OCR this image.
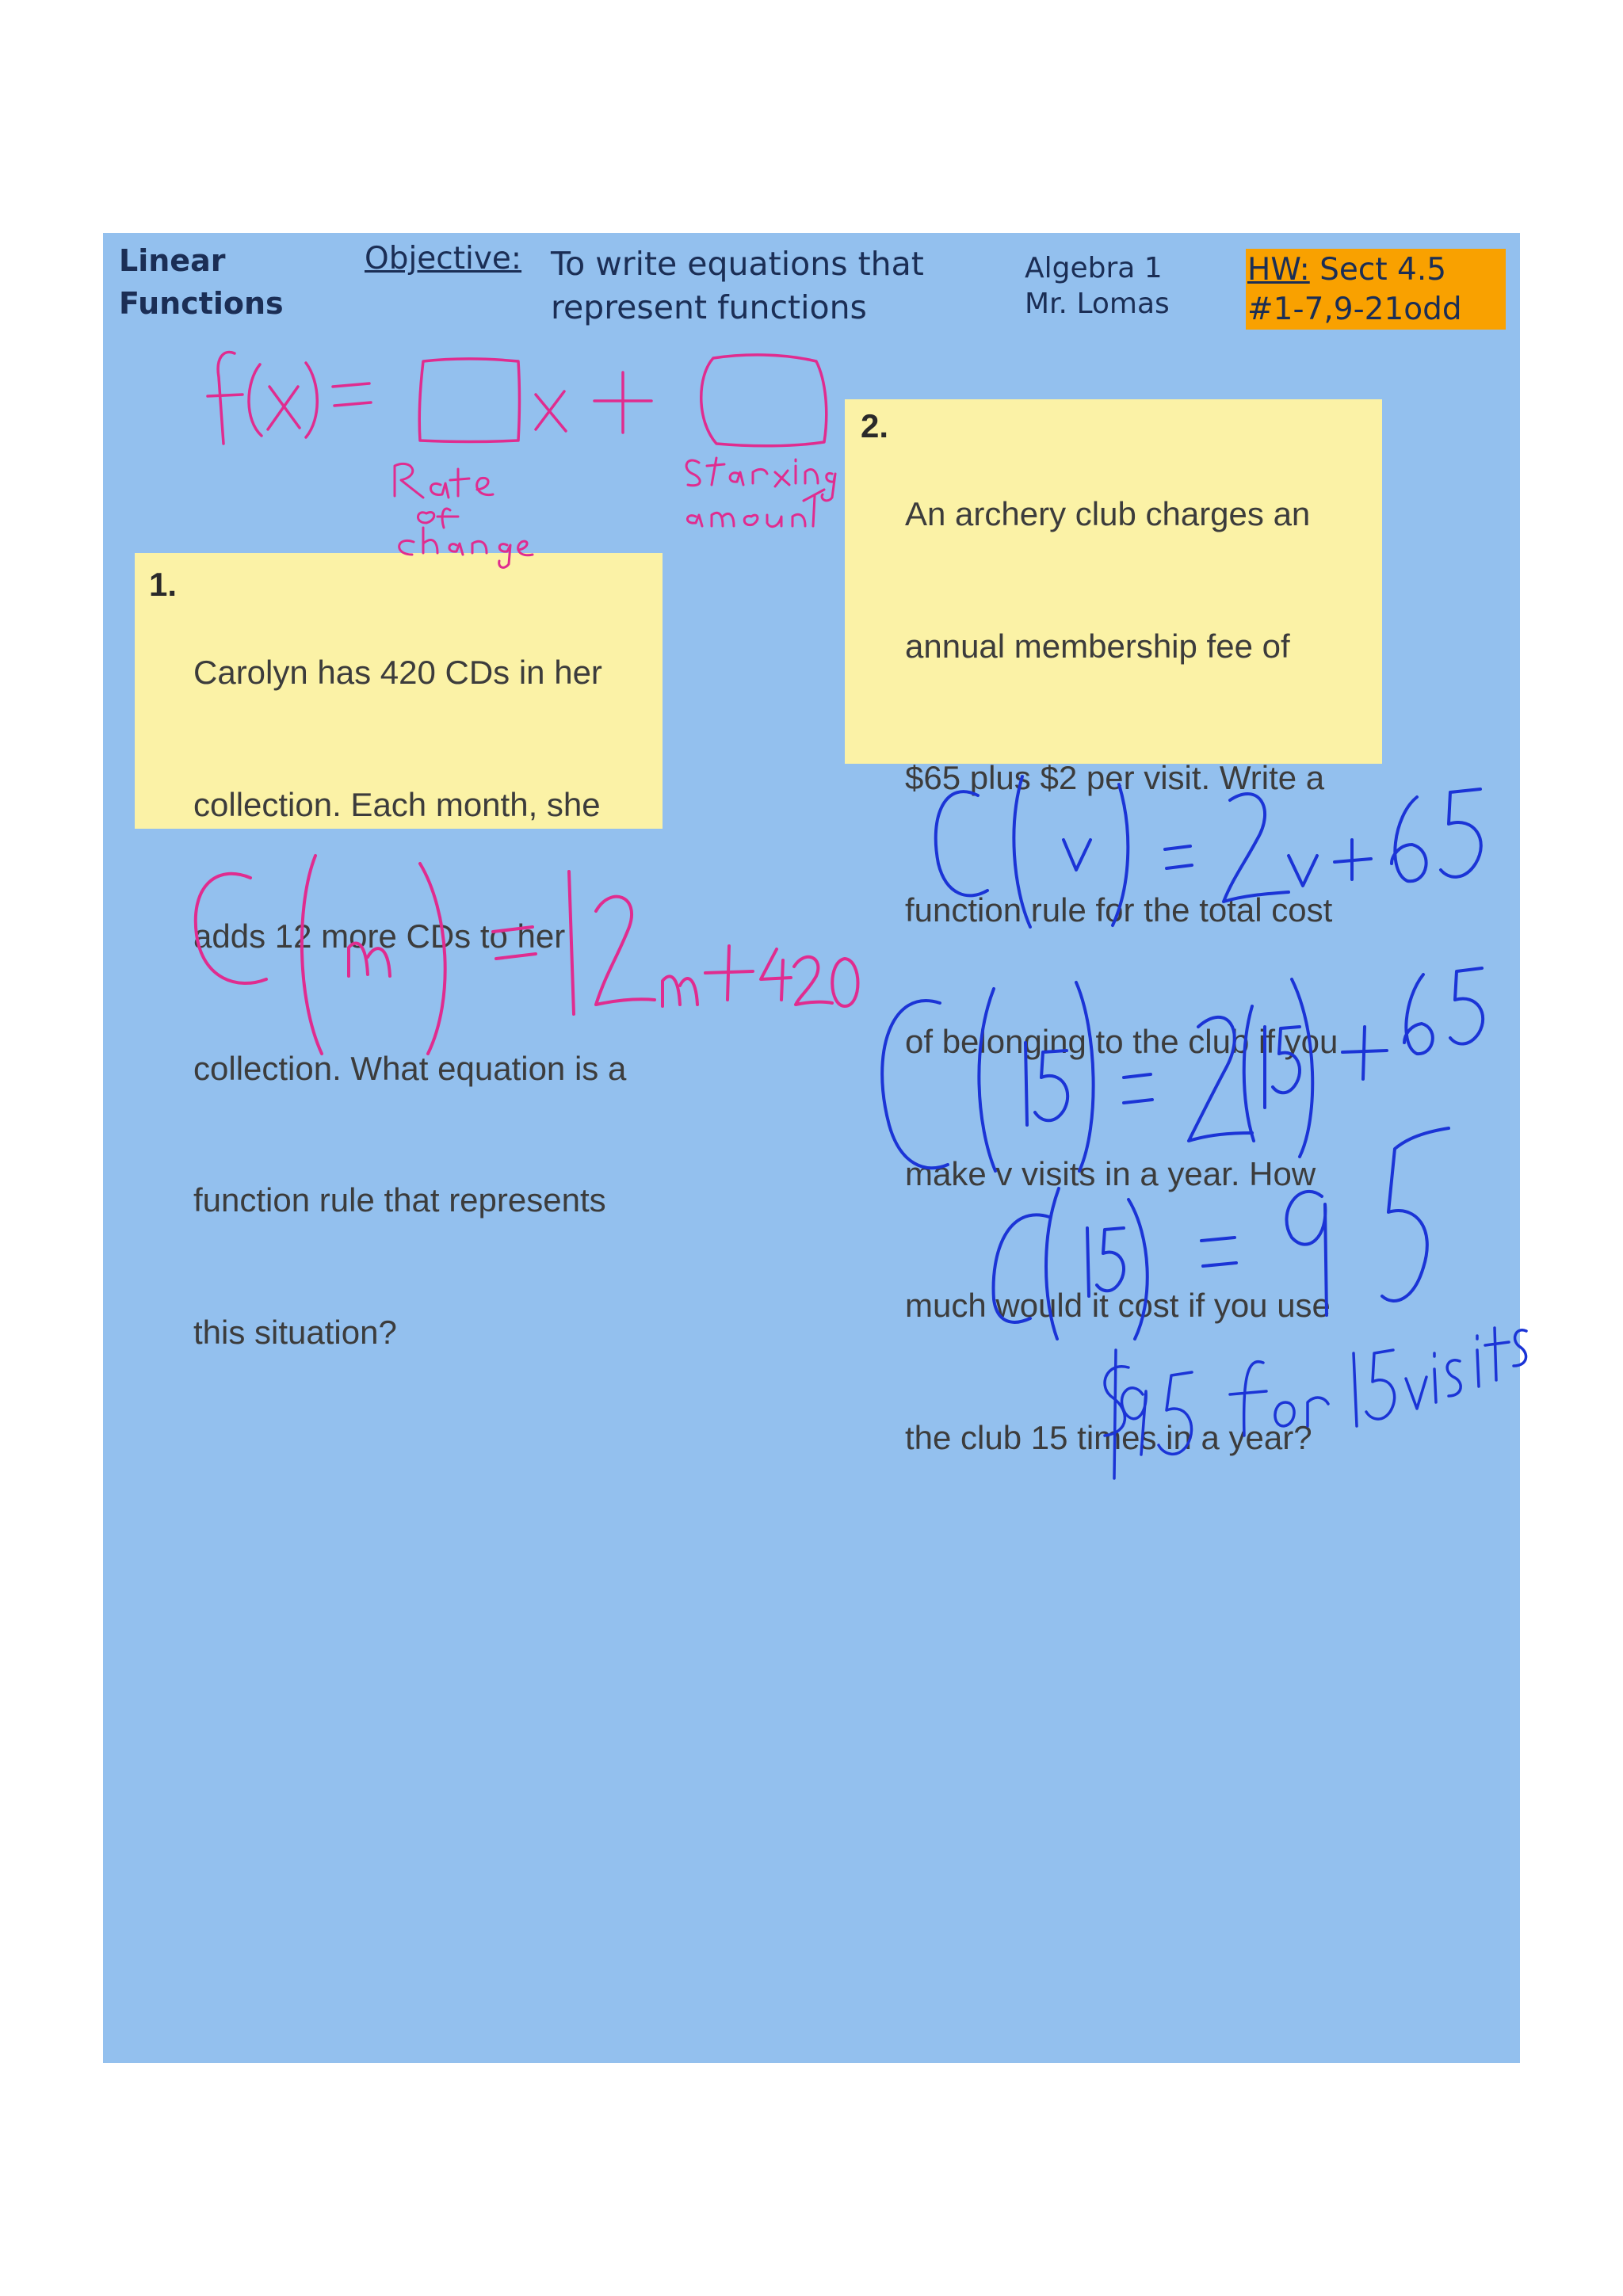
Linear
Functions
Objective: To write equations that
represent functions
Algebra 1
Mr. Lomas
HW: Sect 4.5
#1-7,9-21odd
1.

Carolyn has 420 CDs in her

collection. Each month, she

adds 12 more CDs to her

collection. What equation is a

function rule that represents

this situation?

2.

An archery club charges an

annual membership fee of

$65 plus $2 per visit. Write a

function rule for the total cost

of belonging to the club if you

make v visits in a year. How

much would it cost if you use

the club 15 times in a year?
